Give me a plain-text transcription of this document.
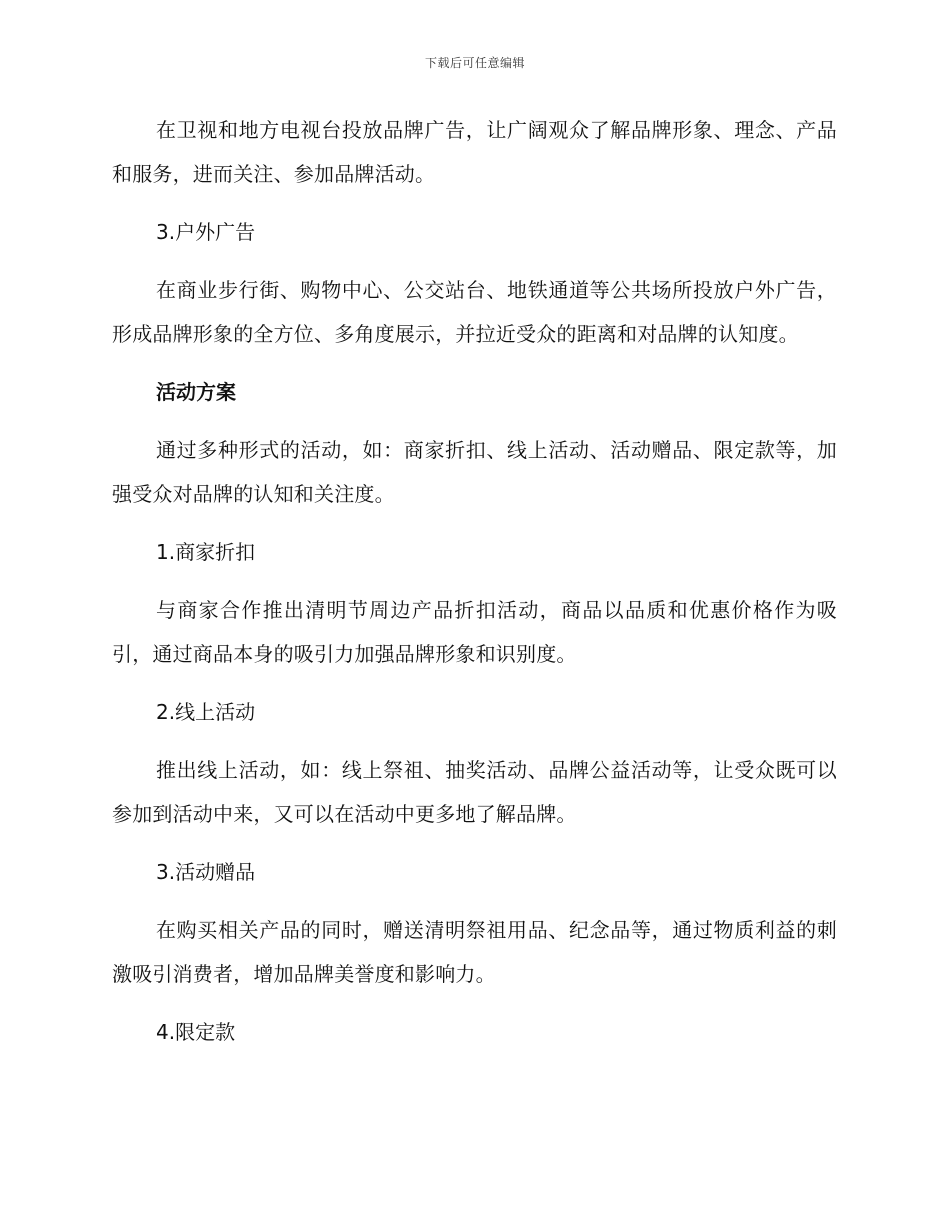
下载后可任意编辑

在卫视和地方电视台投放品牌广告，让广阔观众了解品牌形象、理念、产品和服务，进而关注、参加品牌活动。

3.户外广告

在商业步行街、购物中心、公交站台、地铁通道等公共场所投放户外广告，形成品牌形象的全方位、多角度展示，并拉近受众的距离和对品牌的认知度。

活动方案

通过多种形式的活动，如：商家折扣、线上活动、活动赠品、限定款等，加强受众对品牌的认知和关注度。

1.商家折扣

与商家合作推出清明节周边产品折扣活动，商品以品质和优惠价格作为吸引，通过商品本身的吸引力加强品牌形象和识别度。

2.线上活动

推出线上活动，如：线上祭祖、抽奖活动、品牌公益活动等，让受众既可以参加到活动中来，又可以在活动中更多地了解品牌。

3.活动赠品

在购买相关产品的同时，赠送清明祭祖用品、纪念品等，通过物质利益的刺激吸引消费者，增加品牌美誉度和影响力。

4.限定款
